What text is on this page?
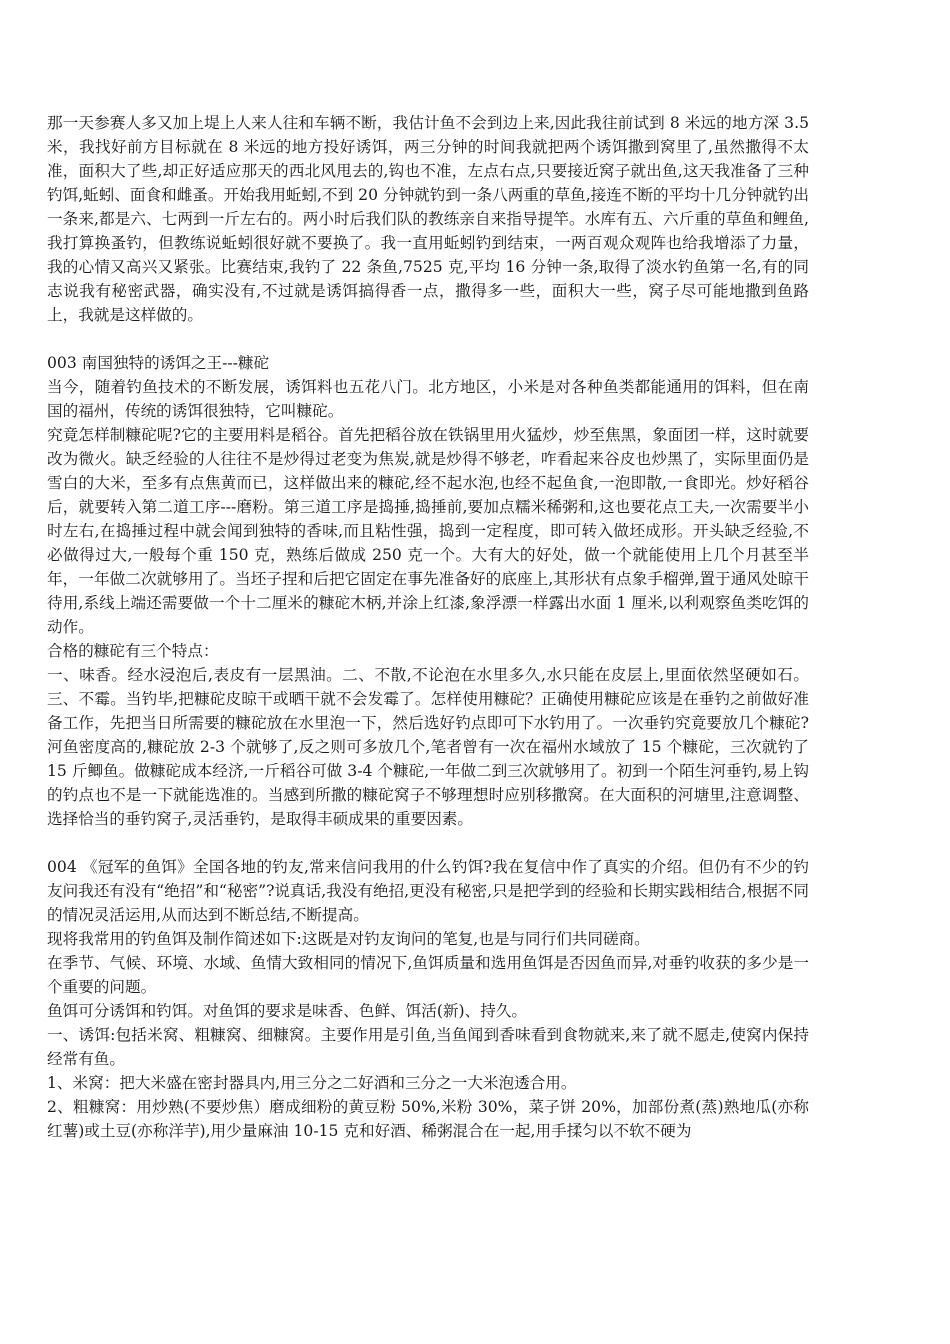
那一天参赛人多又加上堤上人来人往和车辆不断，我估计鱼不会到边上来,因此我往前试到 8 米远的地方深 3.5 米，我找好前方目标就在 8 米远的地方投好诱饵，两三分钟的时间我就把两个诱饵撒到窝里了,虽然撒得不太准，面积大了些,却正好适应那天的西北风甩去的,钩也不准，左点右点,只要接近窝子就出鱼,这天我准备了三种钓饵,蚯蚓、面食和雌蚤。开始我用蚯蚓,不到 20 分钟就钓到一条八两重的草鱼,接连不断的平均十几分钟就钓出一条来,都是六、七两到一斤左右的。两小时后我们队的教练亲自来指导提竿。水库有五、六斤重的草鱼和鲤鱼,我打算换蚤钓，但教练说蚯蚓很好就不要换了。我一直用蚯蚓钓到结束，一两百观众观阵也给我增添了力量，我的心情又高兴又紧张。比赛结束,我钓了 22 条鱼,7525 克,平均 16 分钟一条,取得了淡水钓鱼第一名,有的同志说我有秘密武器，确实没有,不过就是诱饵搞得香一点，撒得多一些，面积大一些，窝子尽可能地撒到鱼路上，我就是这样做的。

003 南国独特的诱饵之王---糠砣

当今，随着钓鱼技术的不断发展，诱饵料也五花八门。北方地区，小米是对各种鱼类都能通用的饵料，但在南国的福州，传统的诱饵很独特，它叫糠砣。

究竟怎样制糠砣呢?它的主要用料是稻谷。首先把稻谷放在铁锅里用火猛炒，炒至焦黑，象面团一样，这时就要改为微火。缺乏经验的人往往不是炒得过老变为焦炭,就是炒得不够老，咋看起来谷皮也炒黑了，实际里面仍是雪白的大米，至多有点焦黄而已，这样做出来的糠砣,经不起水泡,也经不起鱼食,一泡即散,一食即光。炒好稻谷后，就要转入第二道工序---磨粉。第三道工序是捣捶,捣捶前,要加点糯米稀粥和,这也要花点工夫,一次需要半小时左右,在捣捶过程中就会闻到独特的香味,而且粘性强，捣到一定程度，即可转入做坯成形。开头缺乏经验,不必做得过大,一般每个重 150 克，熟练后做成 250 克一个。大有大的好处，做一个就能使用上几个月甚至半年，一年做二次就够用了。当坯子捏和后把它固定在事先准备好的底座上,其形状有点象手榴弹,置于通风处晾干待用,系线上端还需要做一个十二厘米的糠砣木柄,并涂上红漆,象浮漂一样露出水面 1 厘米,以利观察鱼类吃饵的动作。

合格的糠砣有三个特点：

一、味香。经水浸泡后,表皮有一层黑油。二、不散,不论泡在水里多久,水只能在皮层上,里面依然坚硬如石。三、不霉。当钓毕,把糠砣皮晾干或晒干就不会发霉了。怎样使用糠砣？正确使用糠砣应该是在垂钓之前做好准备工作，先把当日所需要的糠砣放在水里泡一下，然后选好钓点即可下水钓用了。一次垂钓究竟要放几个糠砣?河鱼密度高的,糠砣放 2-3 个就够了,反之则可多放几个,笔者曾有一次在福州水域放了 15 个糠砣，三次就钓了 15 斤鲫鱼。做糠砣成本经济,一斤稻谷可做 3-4 个糠砣,一年做二到三次就够用了。初到一个陌生河垂钓,易上钩的钓点也不是一下就能选准的。当感到所撒的糠砣窝子不够理想时应别移撒窝。在大面积的河塘里,注意调整、选择恰当的垂钓窝子,灵活垂钓，是取得丰硕成果的重要因素。

004 《冠军的鱼饵》全国各地的钓友,常来信问我用的什么钓饵?我在复信中作了真实的介绍。但仍有不少的钓友问我还有没有“绝招”和“秘密”?说真话,我没有绝招,更没有秘密,只是把学到的经验和长期实践相结合,根据不同的情况灵活运用,从而达到不断总结,不断提高。

现将我常用的钓鱼饵及制作简述如下:这既是对钓友询问的笔复,也是与同行们共同磋商。

在季节、气候、环境、水域、鱼情大致相同的情况下,鱼饵质量和选用鱼饵是否因鱼而异,对垂钓收获的多少是一个重要的问题。

鱼饵可分诱饵和钓饵。对鱼饵的要求是味香、色鲜、饵活(新)、持久。

一、诱饵:包括米窝、粗糠窝、细糠窝。主要作用是引鱼,当鱼闻到香味看到食物就来,来了就不愿走,使窝内保持经常有鱼。

1、米窝：把大米盛在密封器具内,用三分之二好酒和三分之一大米泡透合用。

2、粗糠窝：用炒熟(不要炒焦）磨成细粉的黄豆粉 50%,米粉 30%，菜子饼 20%，加部份煮(蒸)熟地瓜(亦称红薯)或土豆(亦称洋芋),用少量麻油 10-15 克和好酒、稀粥混合在一起,用手揉匀以不软不硬为
